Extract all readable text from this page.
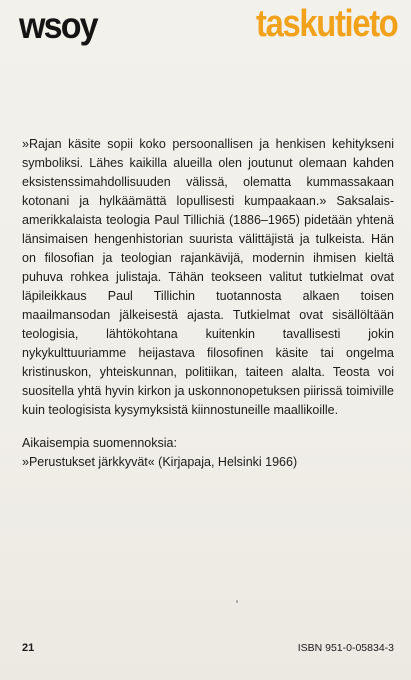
wsoy	taskutieto

»Rajan käsite sopii koko persoonallisen ja henkisen kehitykseni symboliksi. Lähes kaikilla alueilla olen joutunut olemaan kahden eksistenssimahdollisuuden välissä, olematta kummassakaan kotonani ja hylkäämättä lopullisesti kumpaakaan.» Saksalais-amerikkalaista teologia Paul Tillichiä (1886–1965) pidetään yhtenä länsimaisen hengenhistorian suurista välittäjistä ja tulkeista. Hän on filosofian ja teologian rajankävijä, modernin ihmisen kieltä puhuva rohkea julistaja. Tähän teokseen valitut tutkielmat ovat läpileikkaus Paul Tillichin tuotannosta alkaen toisen maailmansodan jälkeisestä ajasta. Tutkielmat ovat sisällöltään teologisia, lähtökohtana kuitenkin tavallisesti jokin nykykulttuuriamme heijastava filosofinen käsite tai ongelma kristinuskon, yhteiskunnan, politiikan, taiteen alalta. Teosta voi suositella yhtä hyvin kirkon ja uskonnonopetuksen piirissä toimiville kuin teologisista kysymyksistä kiinnostuneille maallikoille.

Aikaisempia suomennoksia:
»Perustukset järkkyvät« (Kirjapaja, Helsinki 1966)
21	ISBN 951-0-05834-3
